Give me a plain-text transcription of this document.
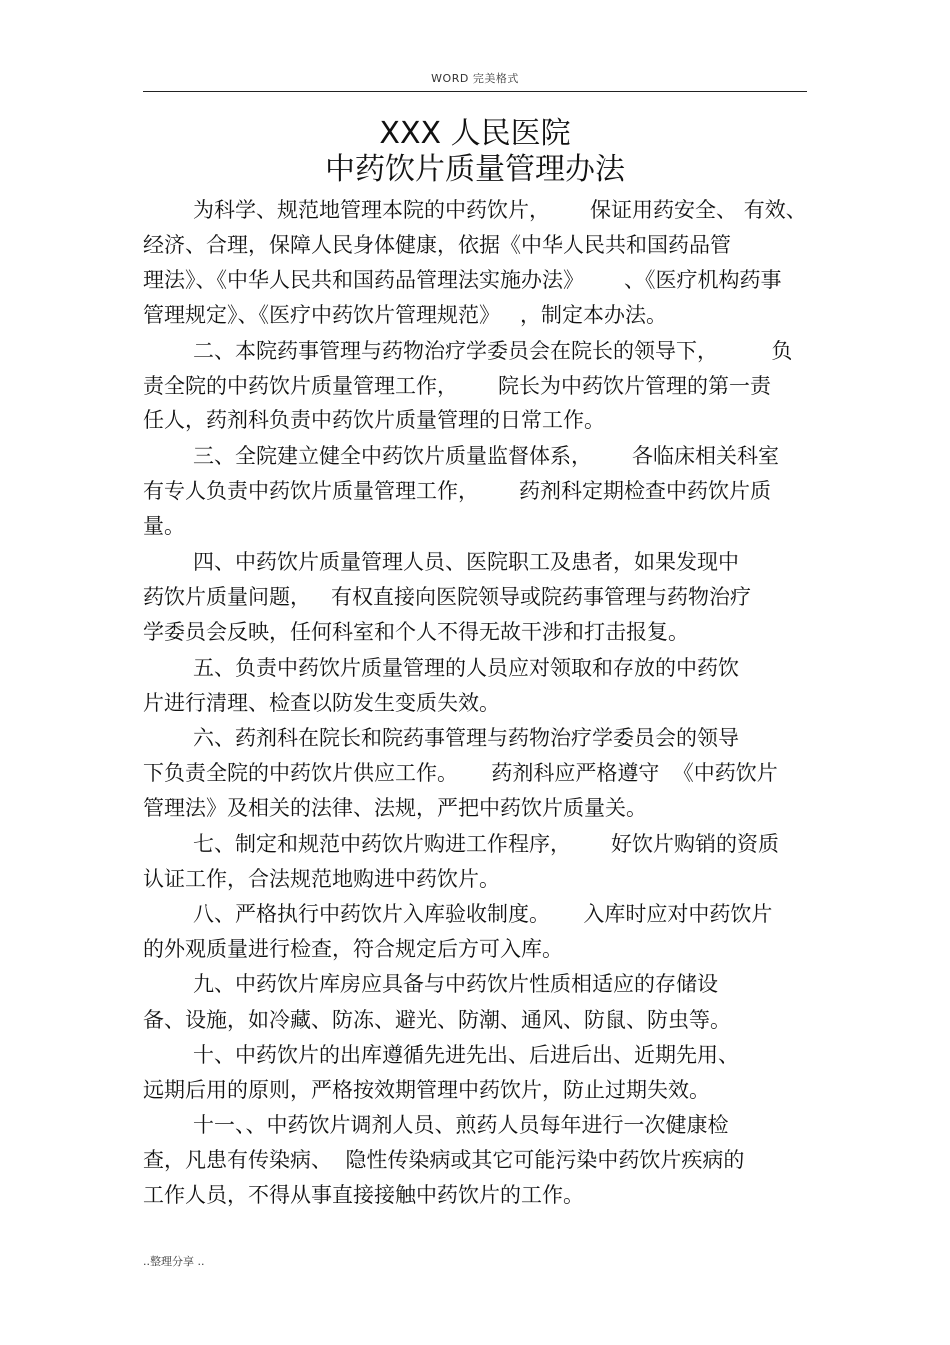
WORD 完美格式
XXX 人民医院
中药饮片质量管理办法
为科学、规范地管理本院的中药饮片，      保证用药安全、 有效、
经济、合理，保障人民身体健康，依据《中华人民共和国药品管
理法》、《中华人民共和国药品管理法实施办法》      、《医疗机构药事
管理规定》、《医疗中药饮片管理规范》   ，制定本办法。
二、本院药事管理与药物治疗学委员会在院长的领导下，        负
责全院的中药饮片质量管理工作，      院长为中药饮片管理的第一责
任人，药剂科负责中药饮片质量管理的日常工作。
三、全院建立健全中药饮片质量监督体系，      各临床相关科室
有专人负责中药饮片质量管理工作，      药剂科定期检查中药饮片质
量。
四、中药饮片质量管理人员、医院职工及患者，如果发现中
药饮片质量问题，   有权直接向医院领导或院药事管理与药物治疗
学委员会反映，任何科室和个人不得无故干涉和打击报复。
五、负责中药饮片质量管理的人员应对领取和存放的中药饮
片进行清理、检查以防发生变质失效。
六、药剂科在院长和院药事管理与药物治疗学委员会的领导
下负责全院的中药饮片供应工作。     药剂科应严格遵守  《中药饮片
管理法》及相关的法律、法规，严把中药饮片质量关。
七、制定和规范中药饮片购进工作程序，      好饮片购销的资质
认证工作，合法规范地购进中药饮片。
八、严格执行中药饮片入库验收制度。     入库时应对中药饮片
的外观质量进行检查，符合规定后方可入库。
九、中药饮片库房应具备与中药饮片性质相适应的存储设
备、设施，如冷藏、防冻、避光、防潮、通风、防鼠、防虫等。
十、中药饮片的出库遵循先进先出、后进后出、近期先用、
远期后用的原则，严格按效期管理中药饮片，防止过期失效。
十一、、中药饮片调剂人员、煎药人员每年进行一次健康检
查，凡患有传染病、  隐性传染病或其它可能污染中药饮片疾病的
工作人员，不得从事直接接触中药饮片的工作。
..整理分享 ..
